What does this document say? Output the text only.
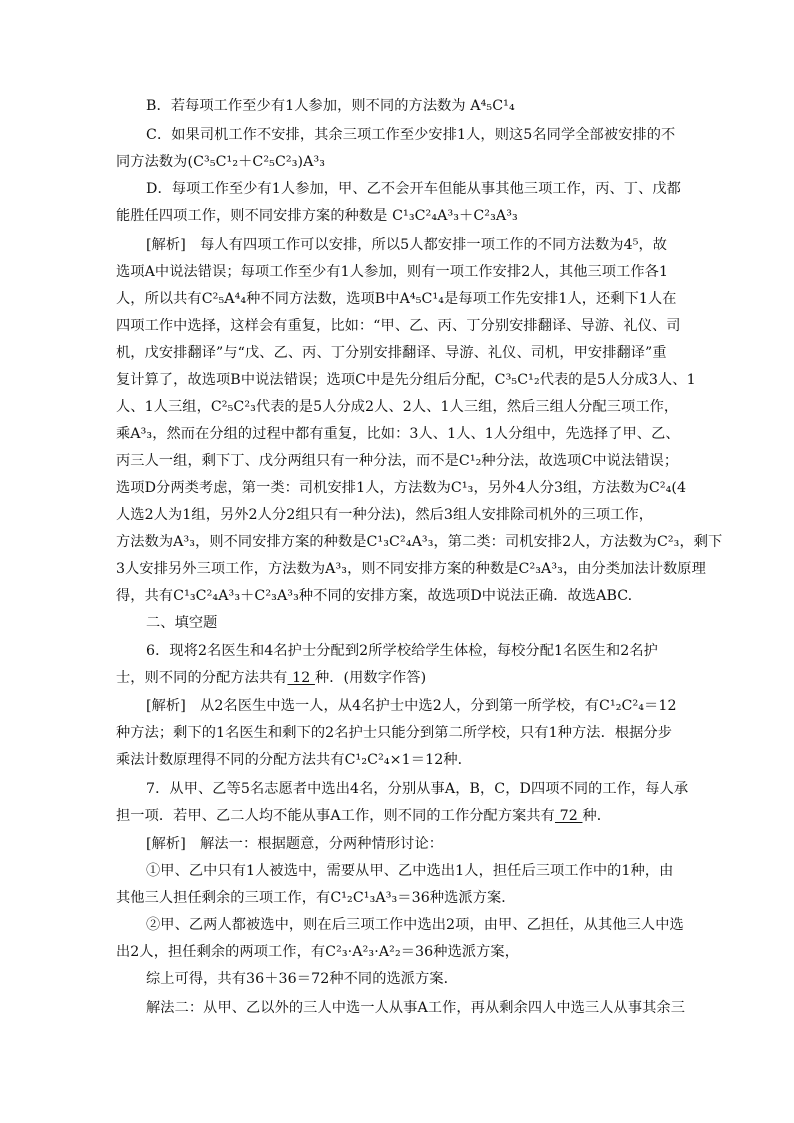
B．若每项工作至少有1人参加，则不同的方法数为 A⁴₅C¹₄
C．如果司机工作不安排，其余三项工作至少安排1人，则这5名同学全部被安排的不
同方法数为(C³₅C¹₂＋C²₅C²₃)A³₃
D．每项工作至少有1人参加，甲、乙不会开车但能从事其他三项工作，丙、丁、戊都
能胜任四项工作，则不同安排方案的种数是 C¹₃C²₄A³₃＋C²₃A³₃
[解析]　每人有四项工作可以安排，所以5人都安排一项工作的不同方法数为4⁵，故
选项A中说法错误；每项工作至少有1人参加，则有一项工作安排2人，其他三项工作各1
人，所以共有C²₅A⁴₄种不同方法数，选项B中A⁴₅C¹₄是每项工作先安排1人，还剩下1人在
四项工作中选择，这样会有重复，比如：“甲、乙、丙、丁分别安排翻译、导游、礼仪、司
机，戊安排翻译”与“戊、乙、丙、丁分别安排翻译、导游、礼仪、司机，甲安排翻译”重
复计算了，故选项B中说法错误；选项C中是先分组后分配，C³₅C¹₂代表的是5人分成3人、1
人、1人三组，C²₅C²₃代表的是5人分成2人、2人、1人三组，然后三组人分配三项工作，
乘A³₃，然而在分组的过程中都有重复，比如：3人、1人、1人分组中，先选择了甲、乙、
丙三人一组，剩下丁、戊分两组只有一种分法，而不是C¹₂种分法，故选项C中说法错误；
选项D分两类考虑，第一类：司机安排1人，方法数为C¹₃，另外4人分3组，方法数为C²₄(4
人选2人为1组，另外2人分2组只有一种分法)，然后3组人安排除司机外的三项工作，
方法数为A³₃，则不同安排方案的种数是C¹₃C²₄A³₃，第二类：司机安排2人，方法数为C²₃，剩下
3人安排另外三项工作，方法数为A³₃，则不同安排方案的种数是C²₃A³₃，由分类加法计数原理
得，共有C¹₃C²₄A³₃＋C²₃A³₃种不同的安排方案，故选项D中说法正确．故选ABC.
二、填空题
6．现将2名医生和4名护士分配到2所学校给学生体检，每校分配1名医生和2名护
士，则不同的分配方法共有 12 种．(用数字作答)
[解析]　从2名医生中选一人，从4名护士中选2人，分到第一所学校，有C¹₂C²₄＝12
种方法；剩下的1名医生和剩下的2名护士只能分到第二所学校，只有1种方法．根据分步
乘法计数原理得不同的分配方法共有C¹₂C²₄×1＝12种．
7．从甲、乙等5名志愿者中选出4名，分别从事A，B，C，D四项不同的工作，每人承
担一项．若甲、乙二人均不能从事A工作，则不同的工作分配方案共有 72 种．
[解析]　解法一：根据题意，分两种情形讨论：
①甲、乙中只有1人被选中，需要从甲、乙中选出1人，担任后三项工作中的1种，由
其他三人担任剩余的三项工作，有C¹₂C¹₃A³₃＝36种选派方案．
②甲、乙两人都被选中，则在后三项工作中选出2项，由甲、乙担任，从其他三人中选
出2人，担任剩余的两项工作，有C²₃·A²₃·A²₂＝36种选派方案，
综上可得，共有36＋36＝72种不同的选派方案．
解法二：从甲、乙以外的三人中选一人从事A工作，再从剩余四人中选三人从事其余三
